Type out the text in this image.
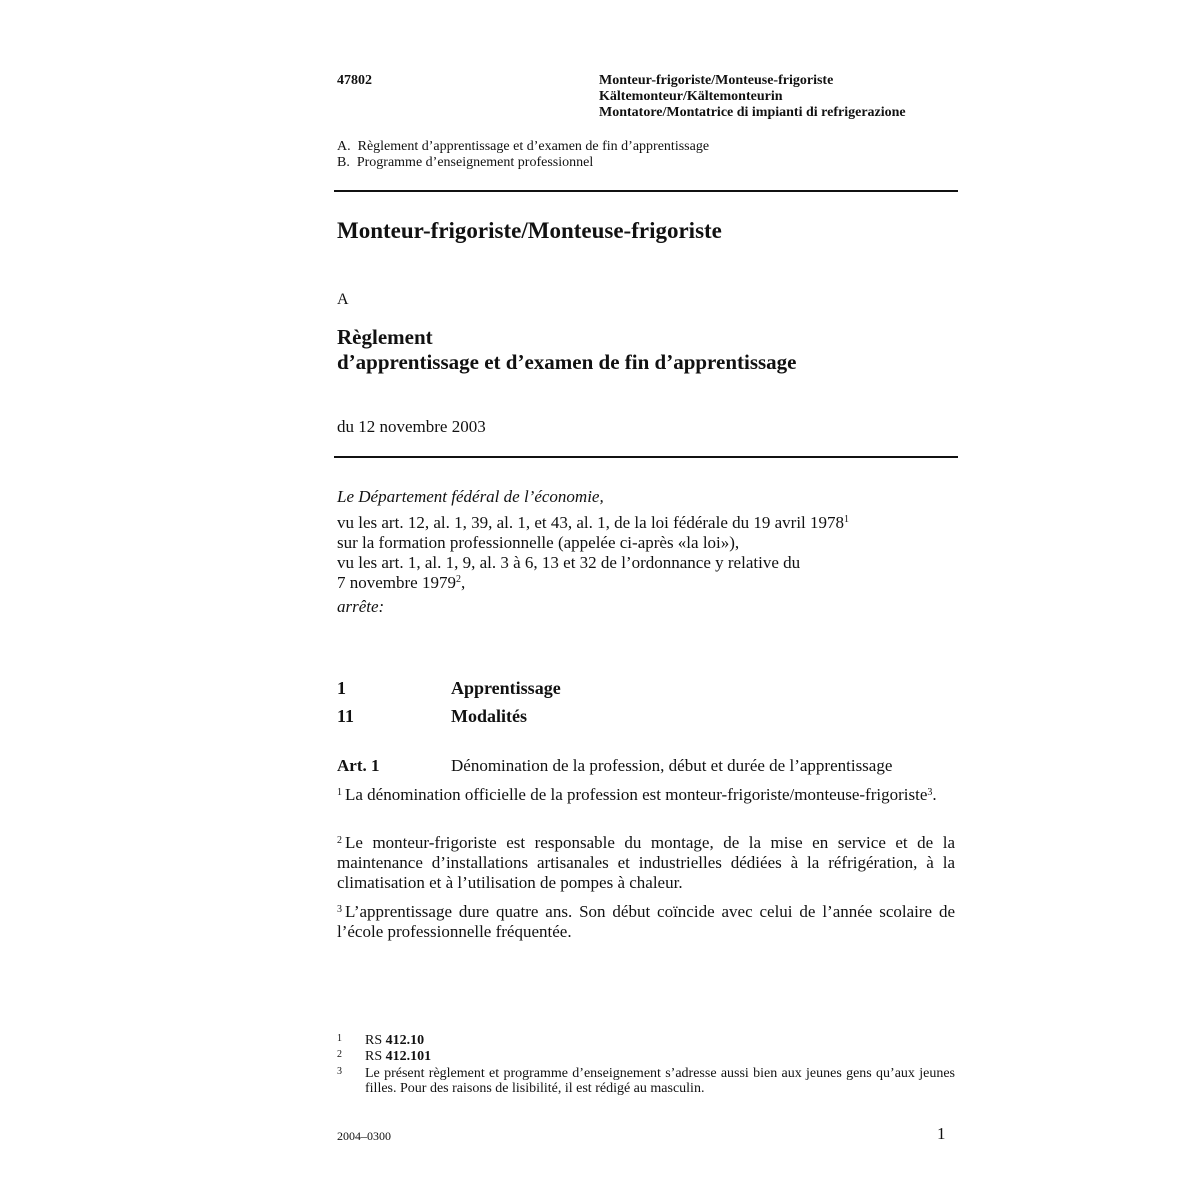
47802	Monteur-frigoriste/Monteuse-frigoriste
Kältemonteur/Kältemonteurin
Montatore/Montatrice di impianti di refrigerazione
A.  Règlement d’apprentissage et d’examen de fin d’apprentissage
B.  Programme d’enseignement professionnel
Monteur-frigoriste/Monteuse-frigoriste
A
Règlement
d’apprentissage et d’examen de fin d’apprentissage
du 12 novembre 2003
Le Département fédéral de l’économie,
vu les art. 12, al. 1, 39, al. 1, et 43, al. 1, de la loi fédérale du 19 avril 1978$^1$
sur la formation professionnelle (appelée ci-après «la loi»),
vu les art. 1, al. 1, 9, al. 3 à 6, 13 et 32 de l’ordonnance y relative du
7 novembre 1979$^2$,
arrête:
1	Apprentissage
11	Modalités
Art. 1	Dénomination de la profession, début et durée de l’apprentissage
$^1$ La dénomination officielle de la profession est monteur-frigoriste/monteuse-frigoriste$^3$.
$^2$ Le monteur-frigoriste est responsable du montage, de la mise en service et de la maintenance d’installations artisanales et industrielles dédiées à la réfrigération, à la climatisation et à l’utilisation de pompes à chaleur.
$^3$ L’apprentissage dure quatre ans. Son début coïncide avec celui de l’année scolaire de l’école professionnelle fréquentée.
1 RS 412.10
2 RS 412.101
3 Le présent règlement et programme d’enseignement s’adresse aussi bien aux jeunes gens qu’aux jeunes filles. Pour des raisons de lisibilité, il est rédigé au masculin.
2004–0300	1
